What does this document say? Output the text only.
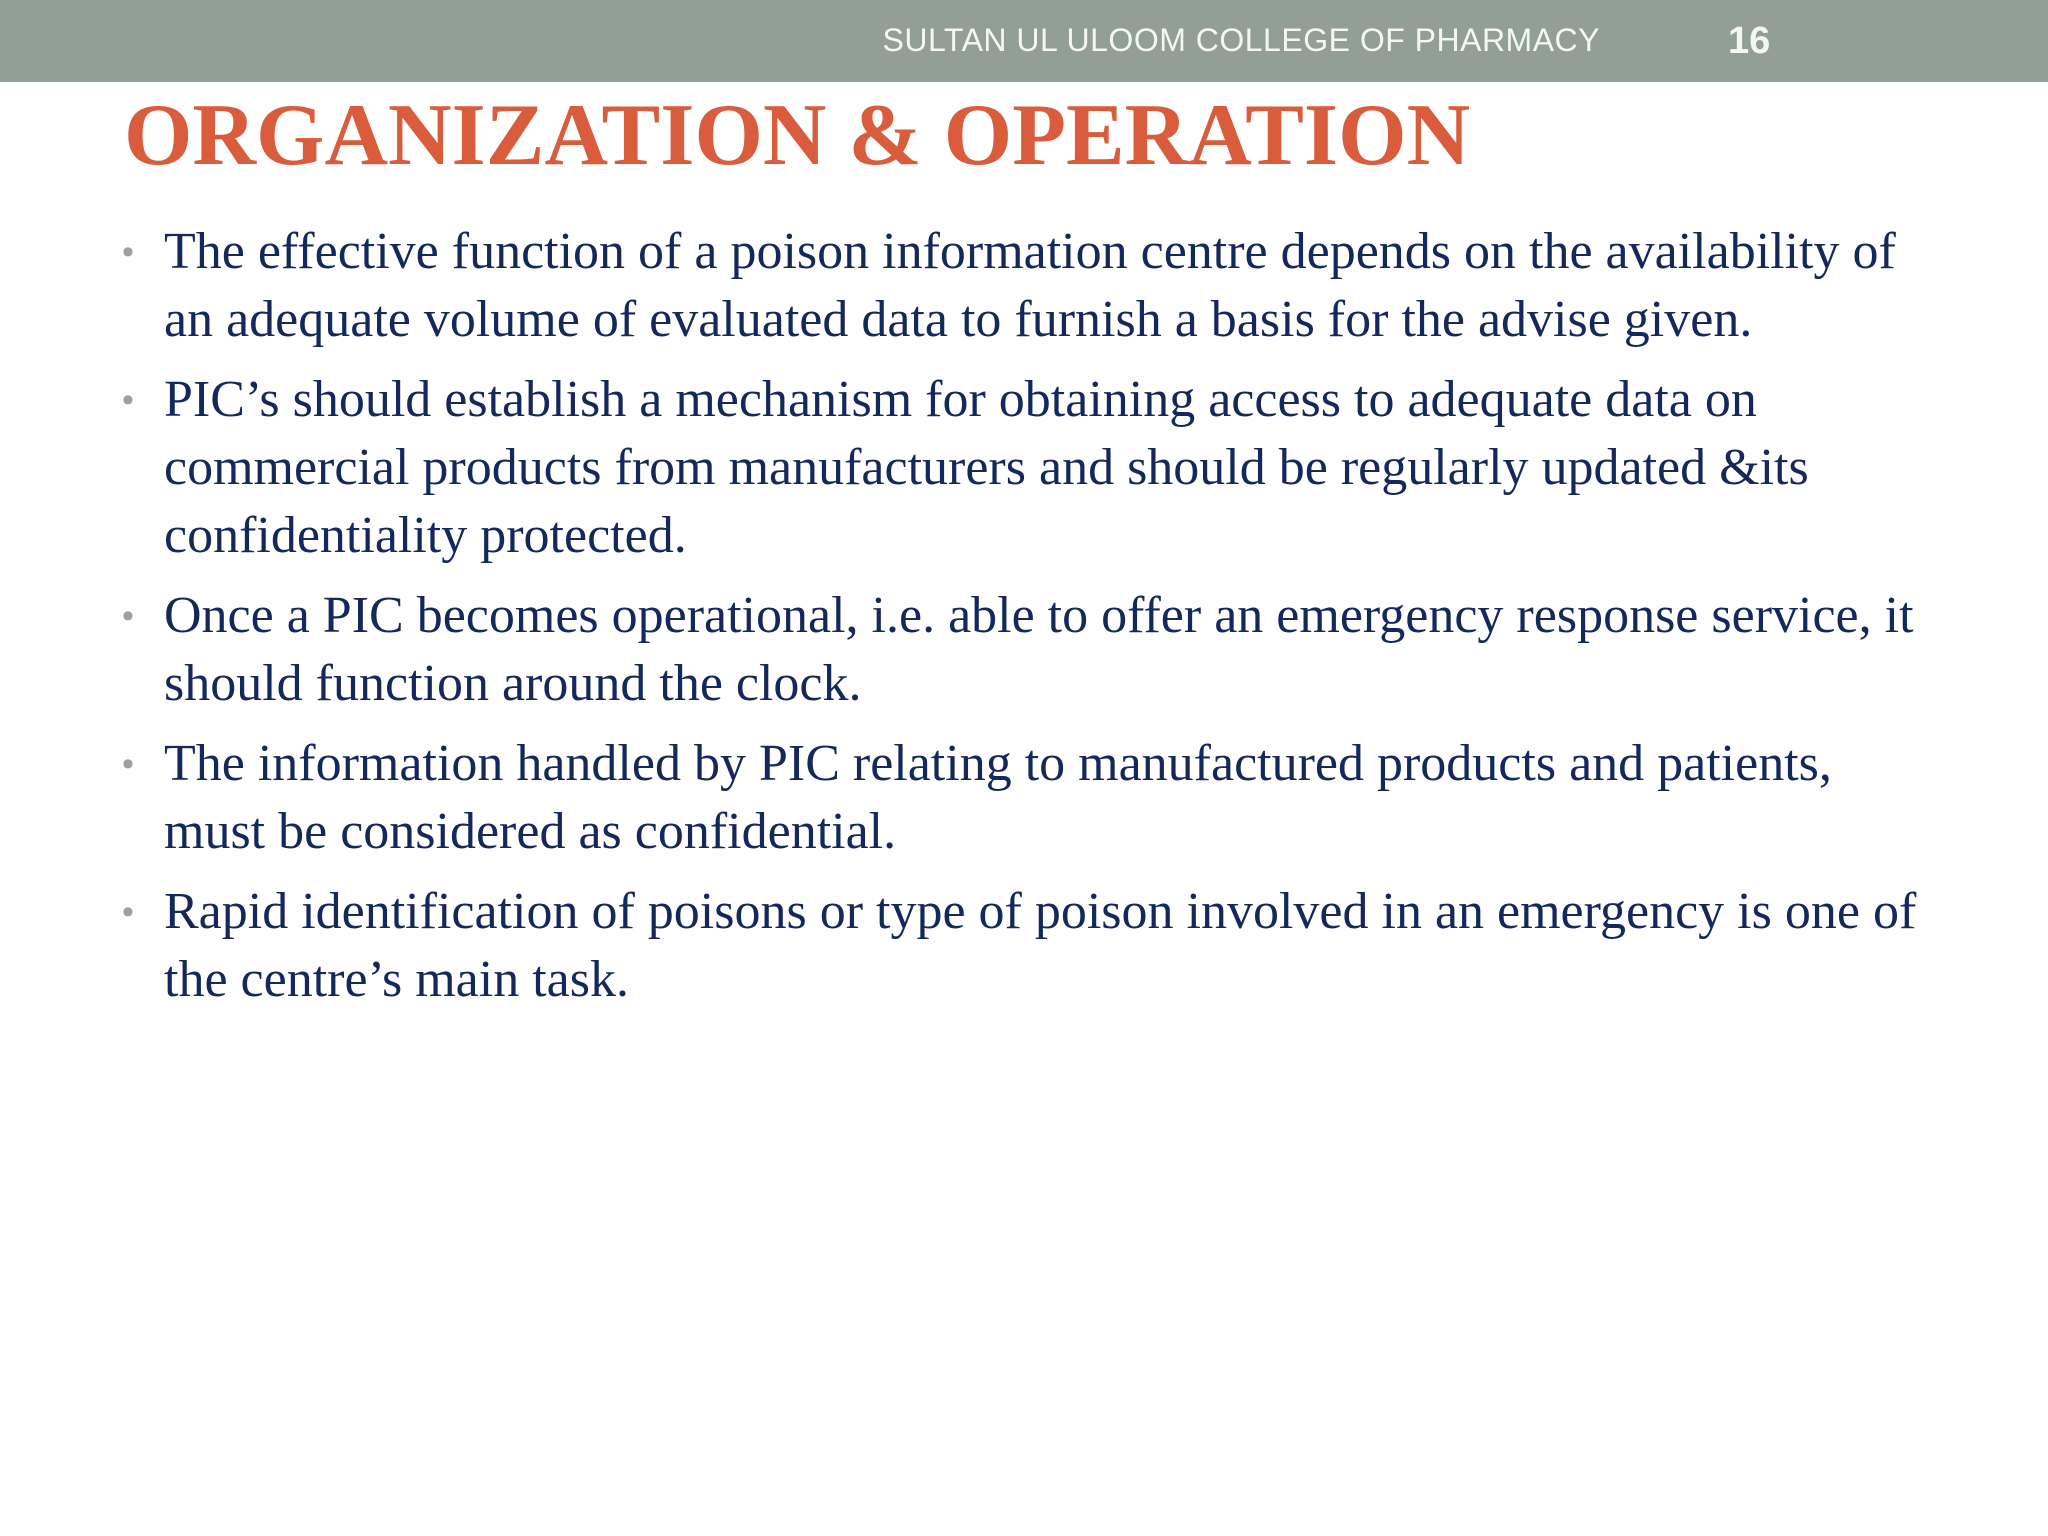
SULTAN UL ULOOM COLLEGE OF PHARMACY	16
ORGANIZATION & OPERATION
• The effective function of a poison information centre depends on the availability of an adequate volume of evaluated data to furnish a basis for the advise given.
• PIC’s should establish a mechanism for obtaining access to adequate data on commercial products from manufacturers and should be regularly updated &its confidentiality protected.
• Once a PIC becomes operational, i.e. able to offer an emergency response service, it should function around the clock.
• The information handled by PIC relating to manufactured products and patients, must be considered as confidential.
• Rapid identification of poisons or type of poison involved in an emergency is one of the centre’s main task.
